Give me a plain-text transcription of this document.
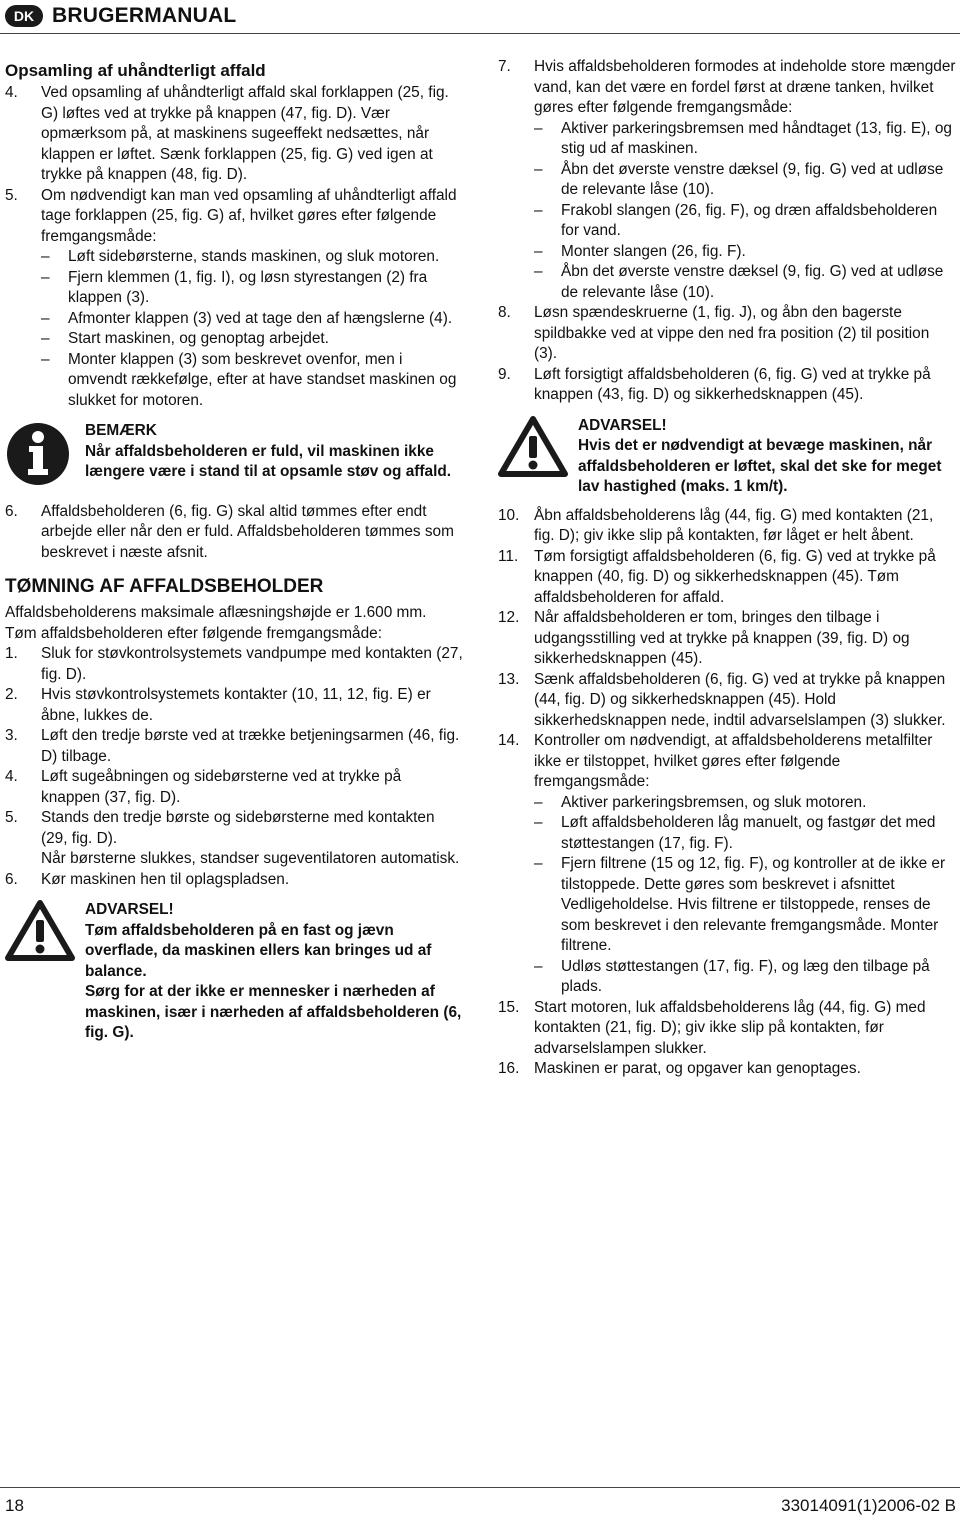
DK BRUGERMANUAL

Opsamling af uhåndterligt affald

4.	Ved opsamling af uhåndterligt affald skal forklappen (25, fig. G) løftes ved at trykke på knappen (47, fig. D). Vær opmærksom på, at maskinens sugeeffekt nedsættes, når klappen er løftet. Sænk forklappen (25, fig. G) ved igen at trykke på knappen (48, fig. D).
5.	Om nødvendigt kan man ved opsamling af uhåndterligt affald tage forklappen (25, fig. G) af, hvilket gøres efter følgende fremgangsmåde:
–	Løft sidebørsterne, stands maskinen, og sluk motoren.
–	Fjern klemmen (1, fig. I), og løsn styrestangen (2) fra klappen (3).
–	Afmonter klappen (3) ved at tage den af hængslerne (4).
–	Start maskinen, og genoptag arbejdet.
–	Monter klappen (3) som beskrevet ovenfor, men i omvendt rækkefølge, efter at have standset maskinen og slukket for motoren.

BEMÆRK

Når affaldsbeholderen er fuld, vil maskinen ikke længere være i stand til at opsamle støv og affald.

6.	Affaldsbeholderen (6, fig. G) skal altid tømmes efter endt arbejde eller når den er fuld. Affaldsbeholderen tømmes som beskrevet i næste afsnit.

TØMNING AF AFFALDSBEHOLDER

Affaldsbeholderens maksimale aflæsningshøjde er 1.600 mm.

Tøm affaldsbeholderen efter følgende fremgangsmåde:

1.	Sluk for støvkontrolsystemets vandpumpe med kontakten (27, fig. D).
2.	Hvis støvkontrolsystemets kontakter (10, 11, 12, fig. E) er åbne, lukkes de.
3.	Løft den tredje børste ved at trække betjeningsarmen (46, fig. D) tilbage.
4.	Løft sugeåbningen og sidebørsterne ved at trykke på knappen (37, fig. D).
5.	Stands den tredje børste og sidebørsterne med kontakten (29, fig. D).
Når børsterne slukkes, standser sugeventilatoren automatisk.
6.	Kør maskinen hen til oplagspladsen.

ADVARSEL!

Tøm affaldsbeholderen på en fast og jævn overflade, da maskinen ellers kan bringes ud af balance.

Sørg for at der ikke er mennesker i nærheden af maskinen, især i nærheden af affaldsbeholderen (6, fig. G).

7.	Hvis affaldsbeholderen formodes at indeholde store mængder vand, kan det være en fordel først at dræne tanken, hvilket gøres efter følgende fremgangsmåde:
–	Aktiver parkeringsbremsen med håndtaget (13, fig. E), og stig ud af maskinen.
–	Åbn det øverste venstre dæksel (9, fig. G) ved at udløse de relevante låse (10).
–	Frakobl slangen (26, fig. F), og dræn affaldsbeholderen for vand.
–	Monter slangen (26, fig. F).
–	Åbn det øverste venstre dæksel (9, fig. G) ved at udløse de relevante låse (10).
8.	Løsn spændeskruerne (1, fig. J), og åbn den bagerste spildbakke ved at vippe den ned fra position (2) til position (3).
9.	Løft forsigtigt affaldsbeholderen (6, fig. G) ved at trykke på knappen (43, fig. D) og sikkerhedsknappen (45).

ADVARSEL!

Hvis det er nødvendigt at bevæge maskinen, når affaldsbeholderen er løftet, skal det ske for meget lav hastighed (maks. 1 km/t).

10. Åbn affaldsbeholderens låg (44, fig. G) med kontakten (21, fig. D); giv ikke slip på kontakten, før låget er helt åbent.
11.	Tøm forsigtigt affaldsbeholderen (6, fig. G) ved at trykke på knappen (40, fig. D) og sikkerhedsknappen (45). Tøm affaldsbeholderen for affald.
12. Når affaldsbeholderen er tom, bringes den tilbage i udgangsstilling ved at trykke på knappen (39, fig. D) og sikkerhedsknappen (45).
13. Sænk affaldsbeholderen (6, fig. G) ved at trykke på knappen (44, fig. D) og sikkerhedsknappen (45). Hold sikkerhedsknappen nede, indtil advarselslampen (3) slukker.
14. Kontroller om nødvendigt, at affaldsbeholderens metalfilter ikke er tilstoppet, hvilket gøres efter følgende fremgangsmåde:
–	Aktiver parkeringsbremsen, og sluk motoren.
–	Løft affaldsbeholderen låg manuelt, og fastgør det med støttestangen (17, fig. F).
–	Fjern filtrene (15 og 12, fig. F), og kontroller at de ikke er tilstoppede. Dette gøres som beskrevet i afsnittet Vedligeholdelse. Hvis filtrene er tilstoppede, renses de som beskrevet i den relevante fremgangsmåde. Monter filtrene.
–	Udløs støttestangen (17, fig. F), og læg den tilbage på plads.
15. Start motoren, luk affaldsbeholderens låg (44, fig. G) med kontakten (21, fig. D); giv ikke slip på kontakten, før advarselslampen slukker.
16. Maskinen er parat, og opgaver kan genoptages.
18	33014091(1)2006-02 B
